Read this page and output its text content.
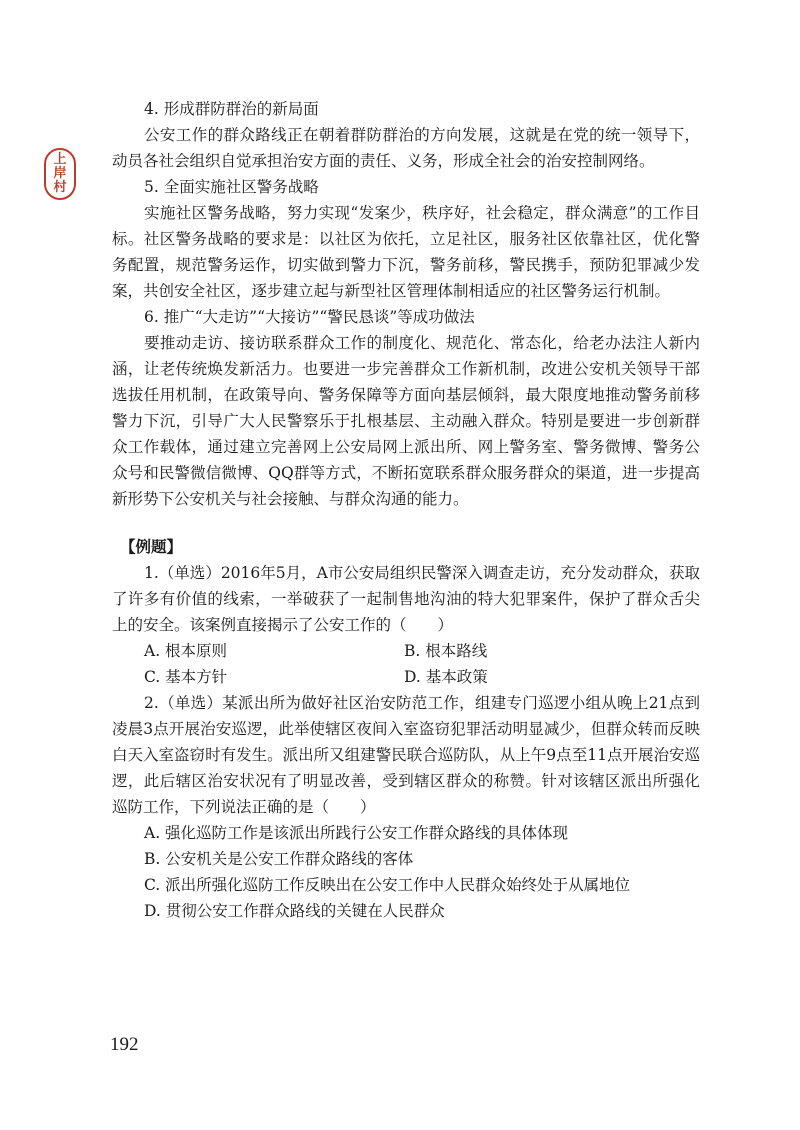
上
岸
村

4. 形成群防群治的新局面

公安工作的群众路线正在朝着群防群治的方向发展，这就是在党的统一领导下，动员各社会组织自觉承担治安方面的责任、义务，形成全社会的治安控制网络。

5. 全面实施社区警务战略

实施社区警务战略，努力实现“发案少，秩序好，社会稳定，群众满意”的工作目标。社区警务战略的要求是：以社区为依托，立足社区，服务社区依靠社区，优化警务配置，规范警务运作，切实做到警力下沉，警务前移，警民携手，预防犯罪减少发案，共创安全社区，逐步建立起与新型社区管理体制相适应的社区警务运行机制。

6. 推广“大走访”“大接访”“警民恳谈”等成功做法

要推动走访、接访联系群众工作的制度化、规范化、常态化，给老办法注人新内涵，让老传统焕发新活力。也要进一步完善群众工作新机制，改进公安机关领导干部选拔任用机制，在政策导向、警务保障等方面向基层倾斜，最大限度地推动警务前移警力下沉，引导广大人民警察乐于扎根基层、主动融入群众。特别是要进一步创新群众工作载体，通过建立完善网上公安局网上派出所、网上警务室、警务微博、警务公众号和民警微信微博、QQ群等方式，不断拓宽联系群众服务群众的渠道，进一步提高新形势下公安机关与社会接触、与群众沟通的能力。

【例题】

1.（单选）2016年5月，A市公安局组织民警深入调查走访，充分发动群众，获取了许多有价值的线索，一举破获了一起制售地沟油的特大犯罪案件，保护了群众舌尖上的安全。该案例直接揭示了公安工作的（　　）

A. 根本原则	B. 根本路线
C. 基本方针	D. 基本政策

2.（单选）某派出所为做好社区治安防范工作，组建专门巡逻小组从晚上21点到凌晨3点开展治安巡逻，此举使辖区夜间入室盗窃犯罪活动明显减少，但群众转而反映白天入室盗窃时有发生。派出所又组建警民联合巡防队，从上午9点至11点开展治安巡逻，此后辖区治安状况有了明显改善，受到辖区群众的称赞。针对该辖区派出所强化巡防工作，下列说法正确的是（　　）

A. 强化巡防工作是该派出所践行公安工作群众路线的具体体现
B. 公安机关是公安工作群众路线的客体
C. 派出所强化巡防工作反映出在公安工作中人民群众始终处于从属地位
D. 贯彻公安工作群众路线的关键在人民群众
192
